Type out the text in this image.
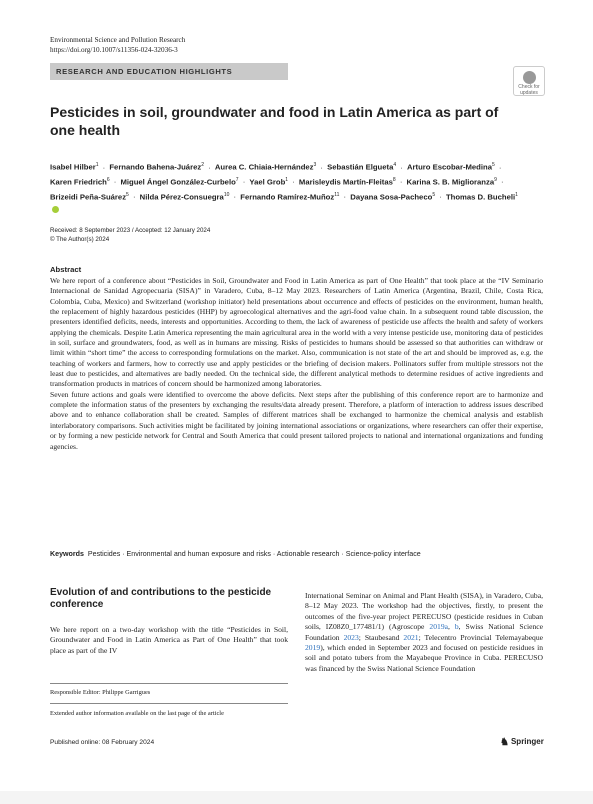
Environmental Science and Pollution Research
https://doi.org/10.1007/s11356-024-32036-3
RESEARCH AND EDUCATION HIGHLIGHTS
Check for
updates
Pesticides in soil, groundwater and food in Latin America as part of one health
Isabel Hilber$^1$ · Fernando Bahena-Juárez$^2$ · Aurea C. Chiaia-Hernández$^3$ · Sebastián Elgueta$^4$ · Arturo Escobar-Medina$^5$ · Karen Friedrich$^6$ · Miguel Ángel González-Curbelo$^7$ · Yael Grob$^1$ · Marisleydis Martín-Fleitas$^8$ · Karina S. B. Miglioranza$^9$ · Brizeidi Peña-Suárez$^5$ · Nilda Pérez-Consuegra$^{10}$ · Fernando Ramírez-Muñoz$^{11}$ · Dayana Sosa-Pacheco$^5$ · Thomas D. Bucheli$^1$
Received: 8 September 2023 / Accepted: 12 January 2024
© The Author(s) 2024
Abstract

We here report of a conference about “Pesticides in Soil, Groundwater and Food in Latin America as part of One Health” that took place at the “IV Seminario Internacional de Sanidad Agropecuaria (SISA)” in Varadero, Cuba, 8–12 May 2023. Researchers of Latin America (Argentina, Brazil, Chile, Costa Rica, Colombia, Cuba, Mexico) and Switzerland (workshop initiator) held presentations about occurrence and effects of pesticides on the environment, human health, the replacement of highly hazardous pesticides (HHP) by agroecological alternatives and the agri-food value chain. In a subsequent round table discussion, the presenters identified deficits, needs, interests and opportunities. According to them, the lack of awareness of pesticide use affects the health and safety of workers applying the chemicals. Despite Latin America representing the main agricultural area in the world with a very intense pesticide use, monitoring data of pesticides in soil, surface and groundwaters, food, as well as in humans are missing. Risks of pesticides to humans should be assessed so that authorities can withdraw or limit within “short time” the access to corresponding formulations on the market. Also, communication is not state of the art and should be improved as, e.g. the teaching of workers and farmers, how to correctly use and apply pesticides or the briefing of decision makers. Pollinators suffer from multiple stressors not the least due to pesticides, and alternatives are badly needed. On the technical side, the different analytical methods to determine residues of active ingredients and transformation products in matrices of concern should be harmonized among laboratories.

Seven future actions and goals were identified to overcome the above deficits. Next steps after the publishing of this conference report are to harmonize and complete the information status of the presenters by exchanging the results/data already present. Therefore, a platform of interaction to address issues described above and to enhance collaboration shall be created. Samples of different matrices shall be exchanged to harmonize the chemical analysis and establish interlaboratory comparisons. Such activities might be facilitated by joining international associations or organizations, where researchers can offer their expertise, or by forming a new pesticide network for Central and South America that could present tailored projects to national and international organizations and funding agencies.

Keywords Pesticides · Environmental and human exposure and risks · Actionable research · Science-policy interface
Evolution of and contributions to the pesticide conference
We here report on a two-day workshop with the title “Pesticides in Soil, Groundwater and Food in Latin America as Part of One Health” that took place as part of the IV
Responsible Editor: Philippe Garrigues
Extended author information available on the last page of the article
International Seminar on Animal and Plant Health (SISA), in Varadero, Cuba, 8–12 May 2023. The workshop had the objectives, firstly, to present the outcomes of the five-year project PERECUSO (pesticide residues in Cuban soils, IZ08Z0_177481/1) (Agroscope 2019a, b, Swiss National Science Foundation 2023; Staubesand 2021; Telecentro Provincial Telemayabeque 2019), which ended in September 2023 and focused on pesticide residues in soil and potato tubers from the Mayabeque Province in Cuba. PERECUSO was financed by the Swiss National Science Foundation
Published online: 08 February 2024	♞ Springer
